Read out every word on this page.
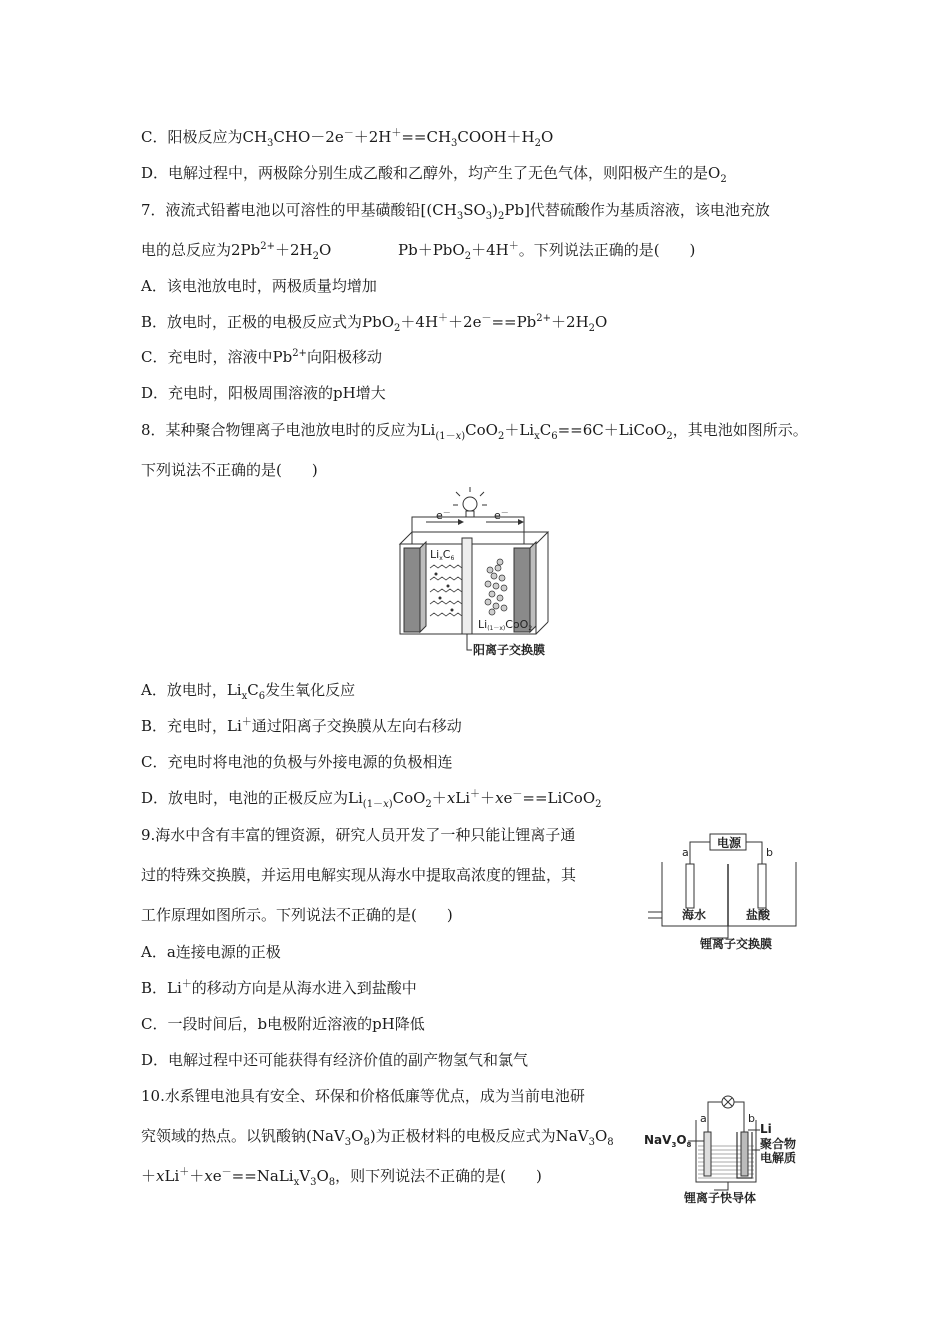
C．阳极反应为$CH_3CHO-2e^-+2H^+==CH_3COOH+H_2O$
D．电解过程中，两极除分别生成乙酸和乙醇外，均产生了无色气体，则阳极产生的是$O_2$
7．液流式铅蓄电池以可溶性的甲基磺酸铅$[(CH_3SO_3)_2Pb]$代替硫酸作为基质溶液，该电池充放
电的总反应为$2Pb^{2+}+2H_2O$	Pb＋PbO$_2$＋4H＋。下列说法正确的是(　　)
A．该电池放电时，两极质量均增加
B．放电时，正极的电极反应式为$PbO_2+4H^++2e^-==Pb^{2+}+2H_2O$
C．充电时，溶液中$Pb^{2+}$向阳极移动
D．充电时，阳极周围溶液的pH增大
8．某种聚合物锂离子电池放电时的反应为$Li_{(1-x)}CoO_2+Li_xC_6==6C+LiCoO_2$，其电池如图所示。
下列说法不正确的是(　　)
e－	e－
LixC6
Li(1－x)CoO2
阳离子交换膜
A．放电时，$Li_xC_6$发生氧化反应
B．充电时，Li＋通过阳离子交换膜从左向右移动
C．充电时将电池的负极与外接电源的负极相连
D．放电时，电池的正极反应为$Li_{(1-x)}CoO_2+xLi^++xe^-==LiCoO_2$
9.海水中含有丰富的锂资源，研究人员开发了一种只能让锂离子通
过的特殊交换膜，并运用电解实现从海水中提取高浓度的锂盐，其
工作原理如图所示。下列说法不正确的是(　　)
电源
a	b
海水	盐酸
锂离子交换膜
A．a连接电源的正极
B．Li＋的移动方向是从海水进入到盐酸中
C．一段时间后，b电极附近溶液的pH降低
D．电解过程中还可能获得有经济价值的副产物氢气和氯气
10.水系锂电池具有安全、环保和价格低廉等优点，成为当前电池研
究领域的热点。以钒酸钠$(NaV_3O_8)$为正极材料的电极反应式为$NaV_3O_8$
$+xLi^++xe^-==NaLi_xV_3O_8$，则下列说法不正确的是(　　)
a	b
$NaV_3O_8$
Li
聚合物
电解质
锂离子快导体
